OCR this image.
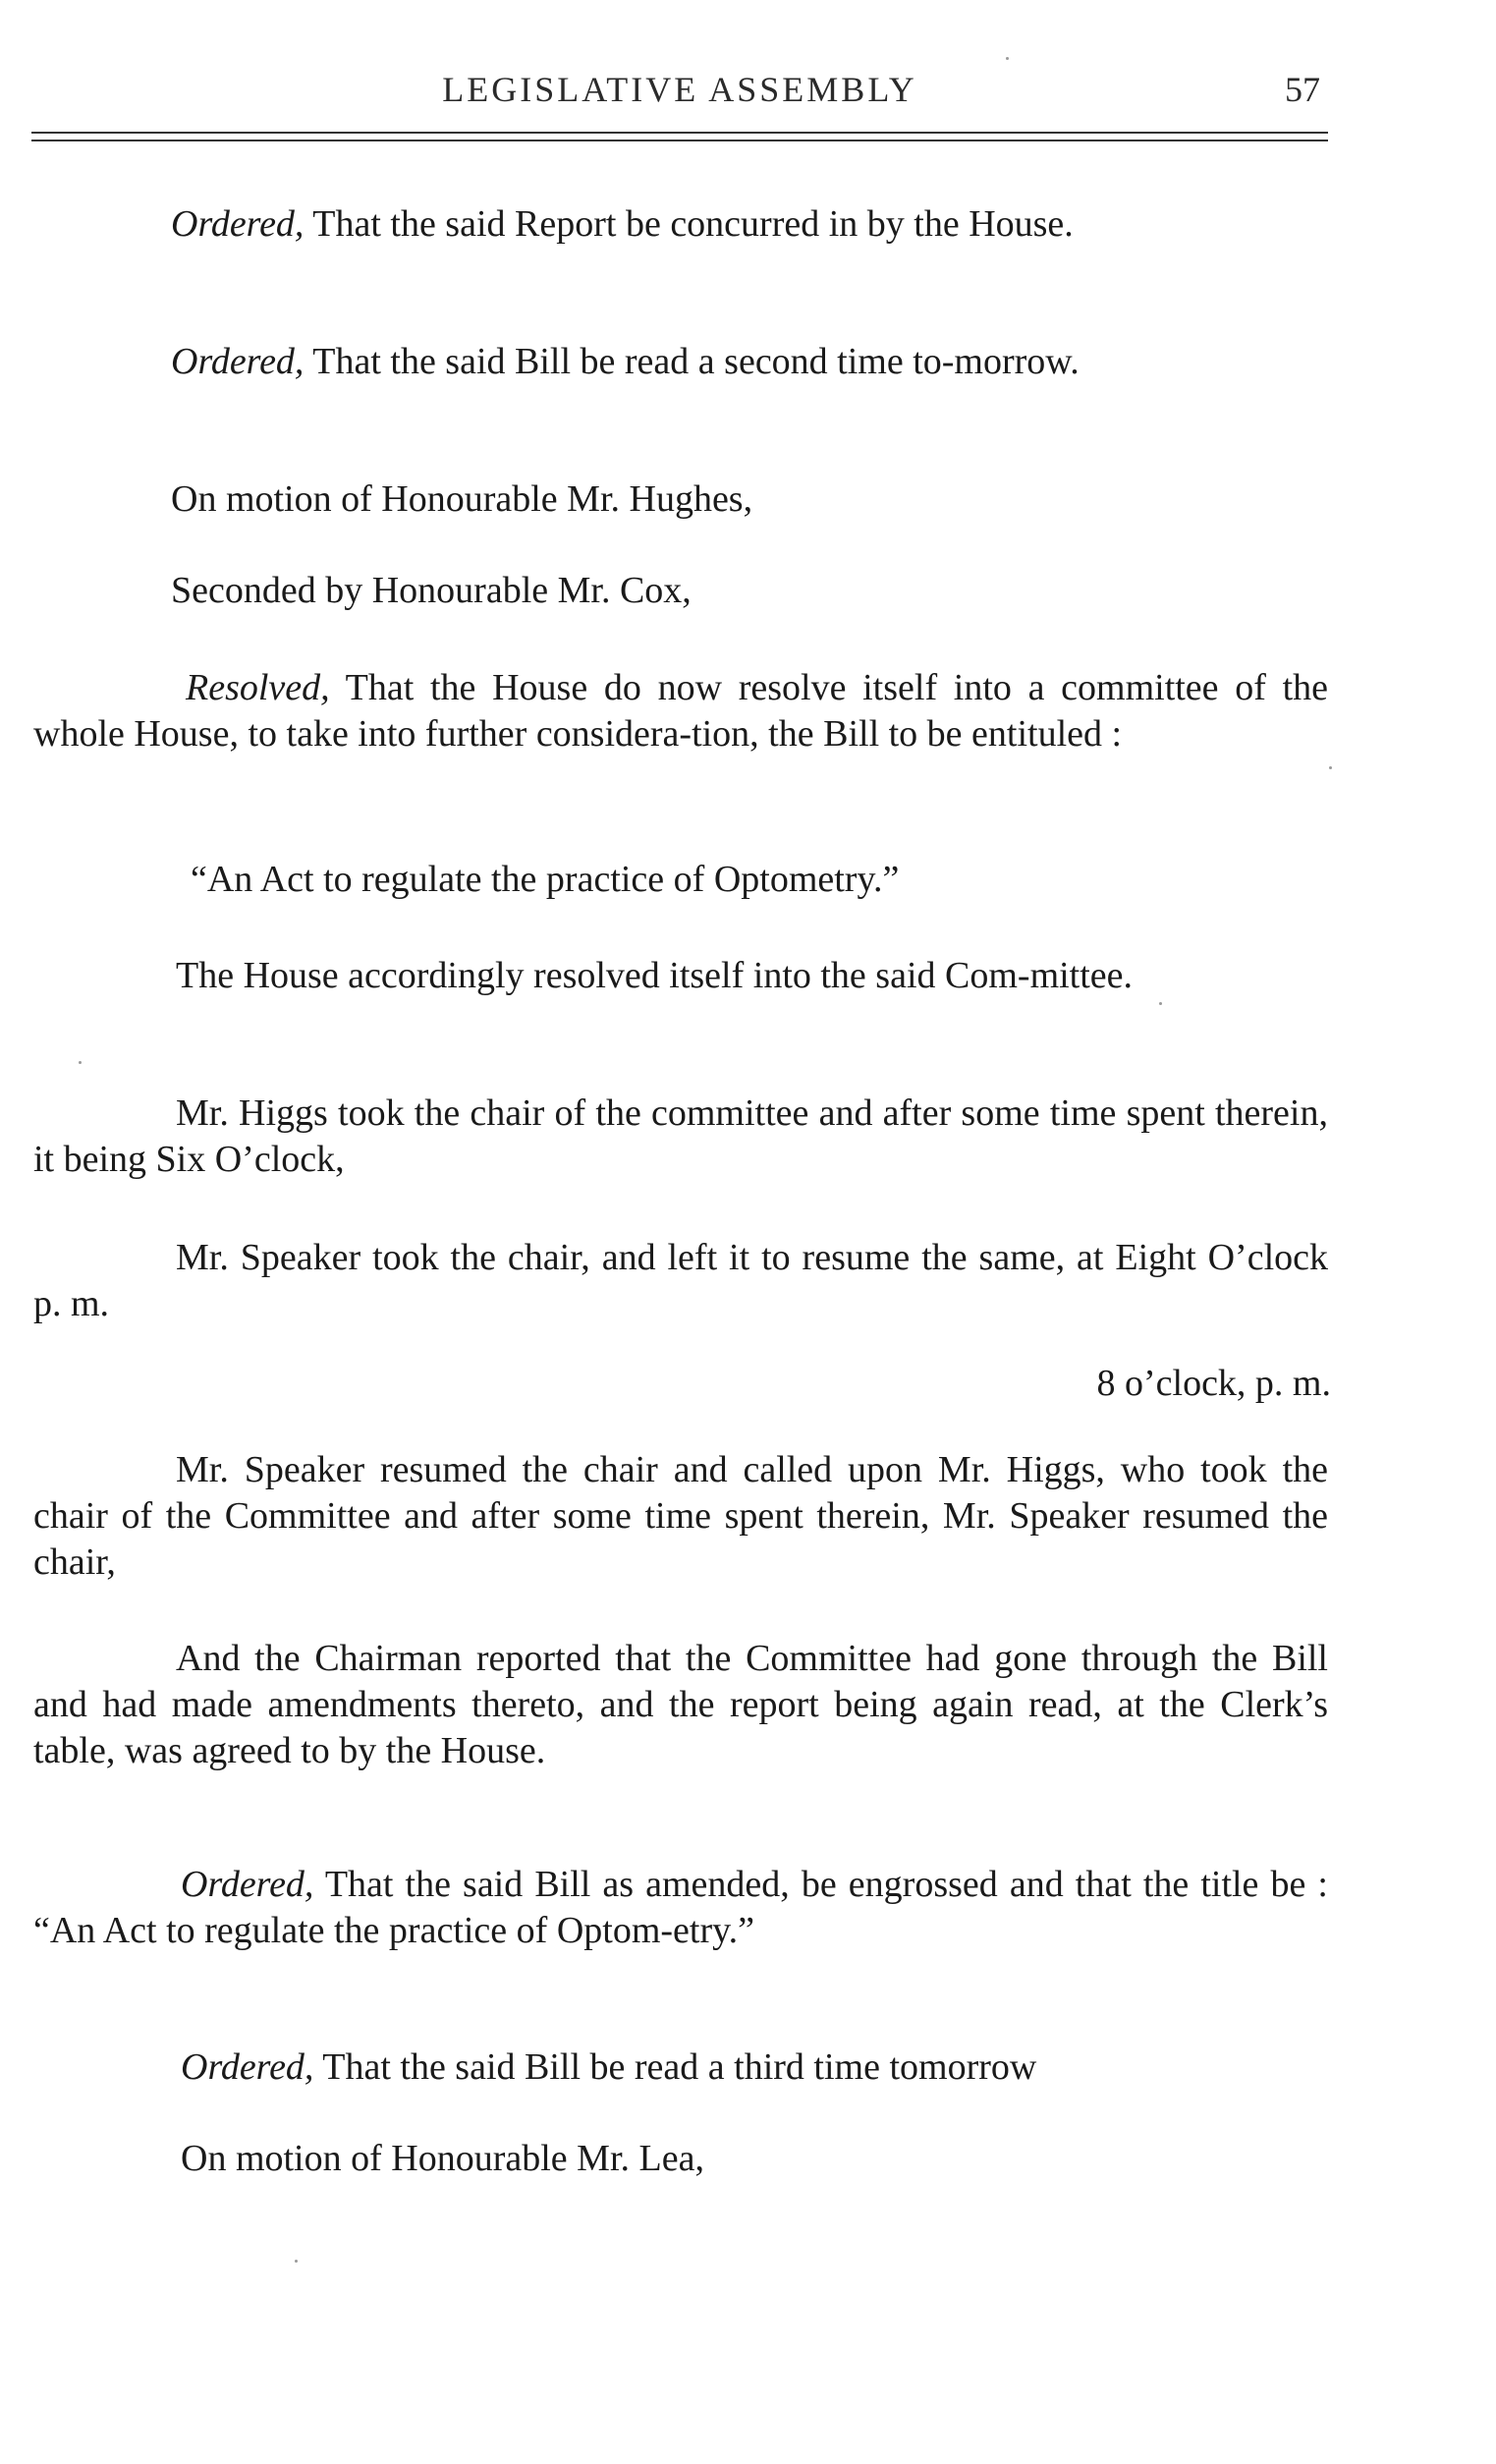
LEGISLATIVE ASSEMBLY	57

Ordered, That the said Report be concurred in by the House.

Ordered, That the said Bill be read a second time to-morrow.

On motion of Honourable Mr. Hughes,

Seconded by Honourable Mr. Cox,

Resolved, That the House do now resolve itself into a committee of the whole House, to take into further considera-tion, the Bill to be entituled :

“An Act to regulate the practice of Optometry.”

The House accordingly resolved itself into the said Com-mittee.

Mr. Higgs took the chair of the committee and after some time spent therein, it being Six O’clock,

Mr. Speaker took the chair, and left it to resume the same, at Eight O’clock p. m.

8 o’clock, p. m.

Mr. Speaker resumed the chair and called upon Mr. Higgs, who took the chair of the Committee and after some time spent therein, Mr. Speaker resumed the chair,

And the Chairman reported that the Committee had gone through the Bill and had made amendments thereto, and the report being again read, at the Clerk’s table, was agreed to by the House.

Ordered, That the said Bill as amended, be engrossed and that the title be : “An Act to regulate the practice of Optom-etry.”

Ordered, That the said Bill be read a third time tomorrow

On motion of Honourable Mr. Lea,
